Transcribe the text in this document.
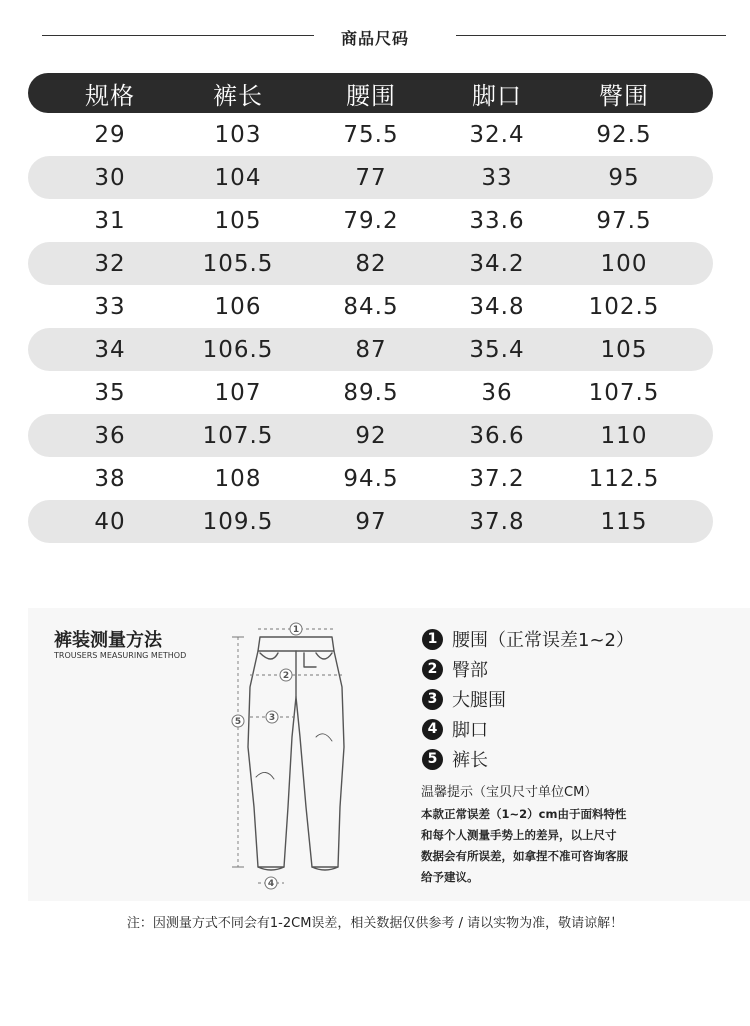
商品尺码
规格	裤长	腰围	脚口	臀围
29	103	75.5	32.4	92.5
30	104	77	33	95
31	105	79.2	33.6	97.5
32	105.5	82	34.2	100
33	106	84.5	34.8	102.5
34	106.5	87	35.4	105
35	107	89.5	36	107.5
36	107.5	92	36.6	110
38	108	94.5	37.2	112.5
40	109.5	97	37.8	115
裤装测量方法
TROUSERS MEASURING METHOD
1
2
3
4
5
1 腰围（正常误差1~2）
2 臀部
3 大腿围
4 脚口
5 裤长
温馨提示（宝贝尺寸单位CM）
本款正常误差（1~2）cm由于面料特性
和每个人测量手势上的差异，以上尺寸
数据会有所误差，如拿捏不准可咨询客服
给予建议。
注：因测量方式不同会有1-2CM误差，相关数据仅供参考 / 请以实物为准，敬请谅解！
